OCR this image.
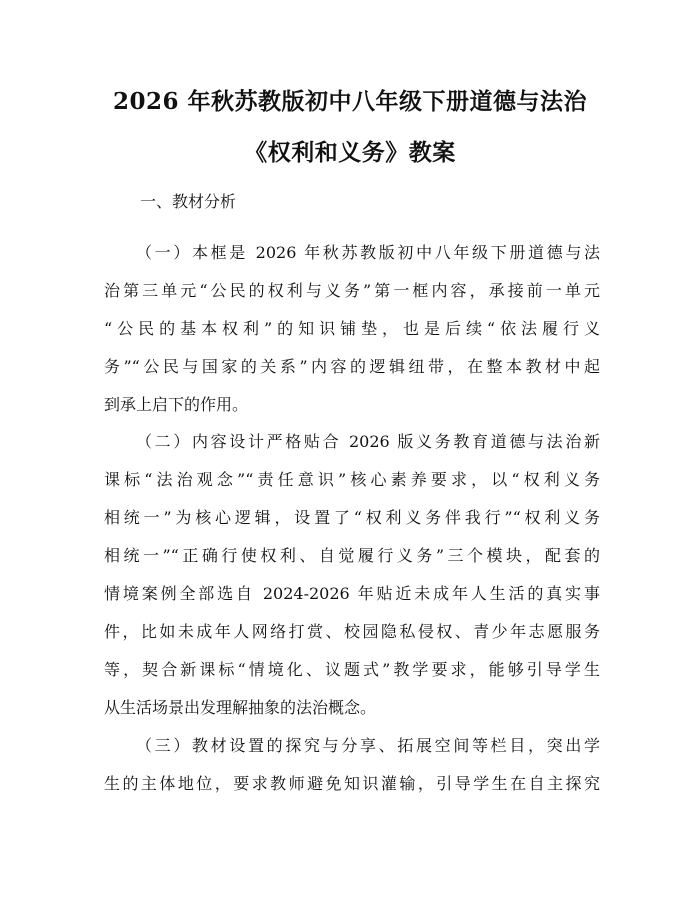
2026 年秋苏教版初中八年级下册道德与法治
《权利和义务》教案
一、教材分析
（一）本框是 2026 年秋苏教版初中八年级下册道德与法
治第三单元“公民的权利与义务”第一框内容，承接前一单元
“公民的基本权利”的知识铺垫，也是后续“依法履行义
务”“公民与国家的关系”内容的逻辑纽带，在整本教材中起
到承上启下的作用。
（二）内容设计严格贴合 2026 版义务教育道德与法治新
课标“法治观念”“责任意识”核心素养要求，以“权利义务
相统一”为核心逻辑，设置了“权利义务伴我行”“权利义务
相统一”“正确行使权利、自觉履行义务”三个模块，配套的
情境案例全部选自 2024-2026 年贴近未成年人生活的真实事
件，比如未成年人网络打赏、校园隐私侵权、青少年志愿服务
等，契合新课标“情境化、议题式”教学要求，能够引导学生
从生活场景出发理解抽象的法治概念。
（三）教材设置的探究与分享、拓展空间等栏目，突出学
生的主体地位，要求教师避免知识灌输，引导学生在自主探究
